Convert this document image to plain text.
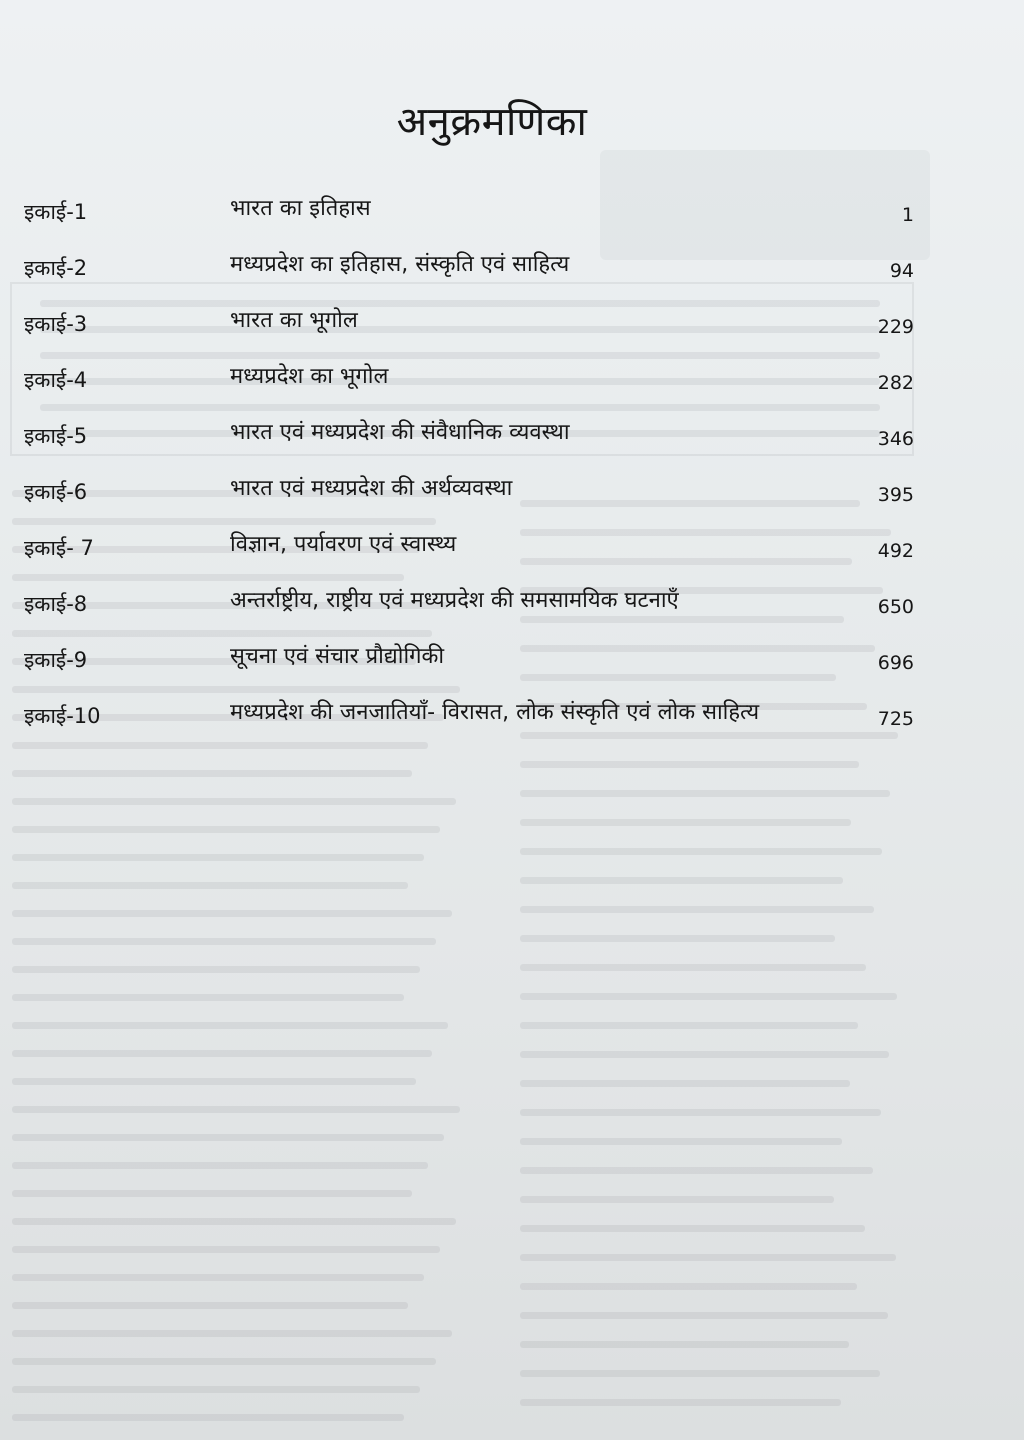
अनुक्रमणिका
इकाई-1	भारत का इतिहास	1
इकाई-2	मध्यप्रदेश का इतिहास, संस्कृति एवं साहित्य	94
इकाई-3	भारत का भूगोल	229
इकाई-4	मध्यप्रदेश का भूगोल	282
इकाई-5	भारत एवं मध्यप्रदेश की संवैधानिक व्यवस्था	346
इकाई-6	भारत एवं मध्यप्रदेश की अर्थव्यवस्था	395
इकाई- 7	विज्ञान, पर्यावरण एवं स्वास्थ्य	492
इकाई-8	अन्तर्राष्ट्रीय, राष्ट्रीय एवं मध्यप्रदेश की समसामयिक घटनाएँ	650
इकाई-9	सूचना एवं संचार प्रौद्योगिकी	696
इकाई-10	मध्यप्रदेश की जनजातियाँ- विरासत, लोक संस्कृति एवं लोक साहित्य	725
